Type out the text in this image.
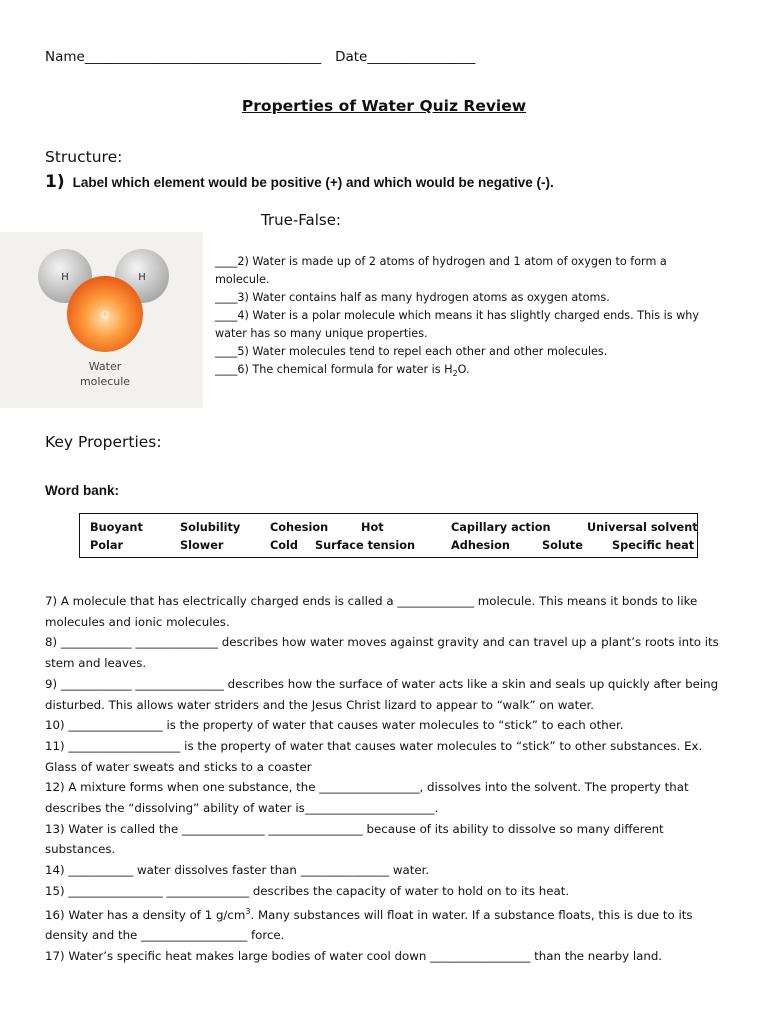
Name___________________________________ Date________________
Properties of Water Quiz Review
Structure:
1) Label which element would be positive (+) and which would be negative (-).
True-False:
H	H
O
Water
molecule
____2) Water is made up of 2 atoms of hydrogen and 1 atom of oxygen to form a molecule.
____3) Water contains half as many hydrogen atoms as oxygen atoms.
____4) Water is a polar molecule which means it has slightly charged ends. This is why water has so many unique properties.
____5) Water molecules tend to repel each other and other molecules.
____6) The chemical formula for water is $H_2O$.
Key Properties:
Word bank:
Buoyant	Solubility	Cohesion	Hot	Capillary action	Universal solvent
Polar	Slower	Cold Surface tension	Adhesion	Solute	Specific heat
7) A molecule that has electrically charged ends is called a _____________ molecule. This means it bonds to like molecules and ionic molecules.
8) ____________ ______________ describes how water moves against gravity and can travel up a plant’s roots into its stem and leaves.
9) ____________ _______________ describes how the surface of water acts like a skin and seals up quickly after being disturbed. This allows water striders and the Jesus Christ lizard to appear to “walk” on water.
10) ________________ is the property of water that causes water molecules to “stick” to each other.
11) ___________________ is the property of water that causes water molecules to “stick” to other substances. Ex. Glass of water sweats and sticks to a coaster
12) A mixture forms when one substance, the _________________, dissolves into the solvent. The property that describes the “dissolving” ability of water is______________________.
13) Water is called the ______________ ________________ because of its ability to dissolve so many different substances.
14) ___________ water dissolves faster than _______________ water.
15) ________________ ______________ describes the capacity of water to hold on to its heat.
16) Water has a density of 1 $g/cm^3$. Many substances will float in water. If a substance floats, this is due to its density and the __________________ force.
17) Water’s specific heat makes large bodies of water cool down _________________ than the nearby land.
